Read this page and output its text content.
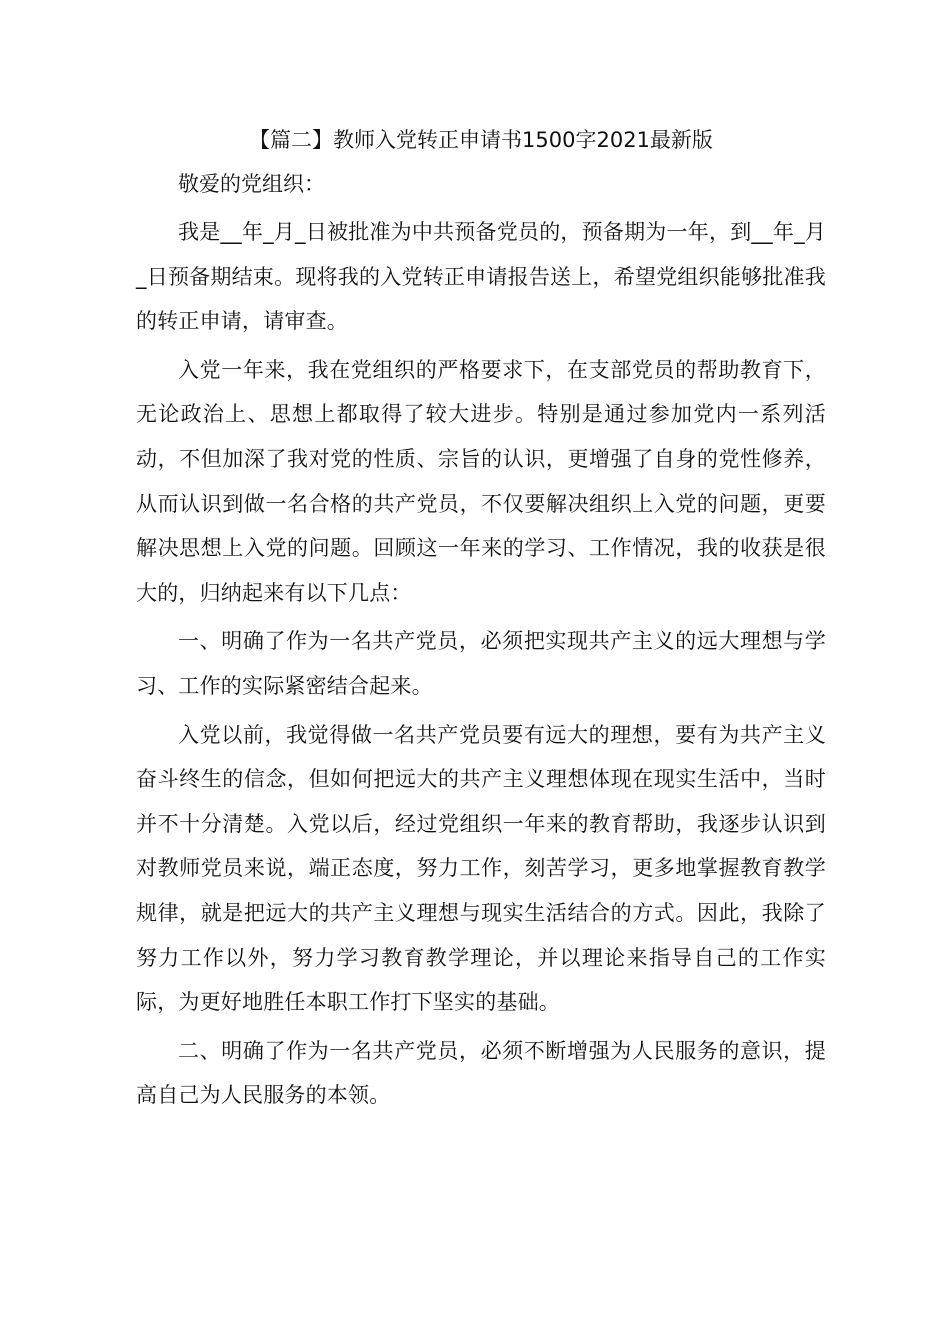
【篇二】教师入党转正申请书1500字2021最新版

敬爱的党组织：

我是__年_月_日被批准为中共预备党员的，预备期为一年，到__年_月_日预备期结束。现将我的入党转正申请报告送上，希望党组织能够批准我的转正申请，请审查。

入党一年来，我在党组织的严格要求下，在支部党员的帮助教育下，无论政治上、思想上都取得了较大进步。特别是通过参加党内一系列活动，不但加深了我对党的性质、宗旨的认识，更增强了自身的党性修养，从而认识到做一名合格的共产党员，不仅要解决组织上入党的问题，更要解决思想上入党的问题。回顾这一年来的学习、工作情况，我的收获是很大的，归纳起来有以下几点：

一、明确了作为一名共产党员，必须把实现共产主义的远大理想与学习、工作的实际紧密结合起来。

入党以前，我觉得做一名共产党员要有远大的理想，要有为共产主义奋斗终生的信念，但如何把远大的共产主义理想体现在现实生活中，当时并不十分清楚。入党以后，经过党组织一年来的教育帮助，我逐步认识到对教师党员来说，端正态度，努力工作，刻苦学习，更多地掌握教育教学规律，就是把远大的共产主义理想与现实生活结合的方式。因此，我除了努力工作以外，努力学习教育教学理论，并以理论来指导自己的工作实际，为更好地胜任本职工作打下坚实的基础。

二、明确了作为一名共产党员，必须不断增强为人民服务的意识，提高自己为人民服务的本领。
